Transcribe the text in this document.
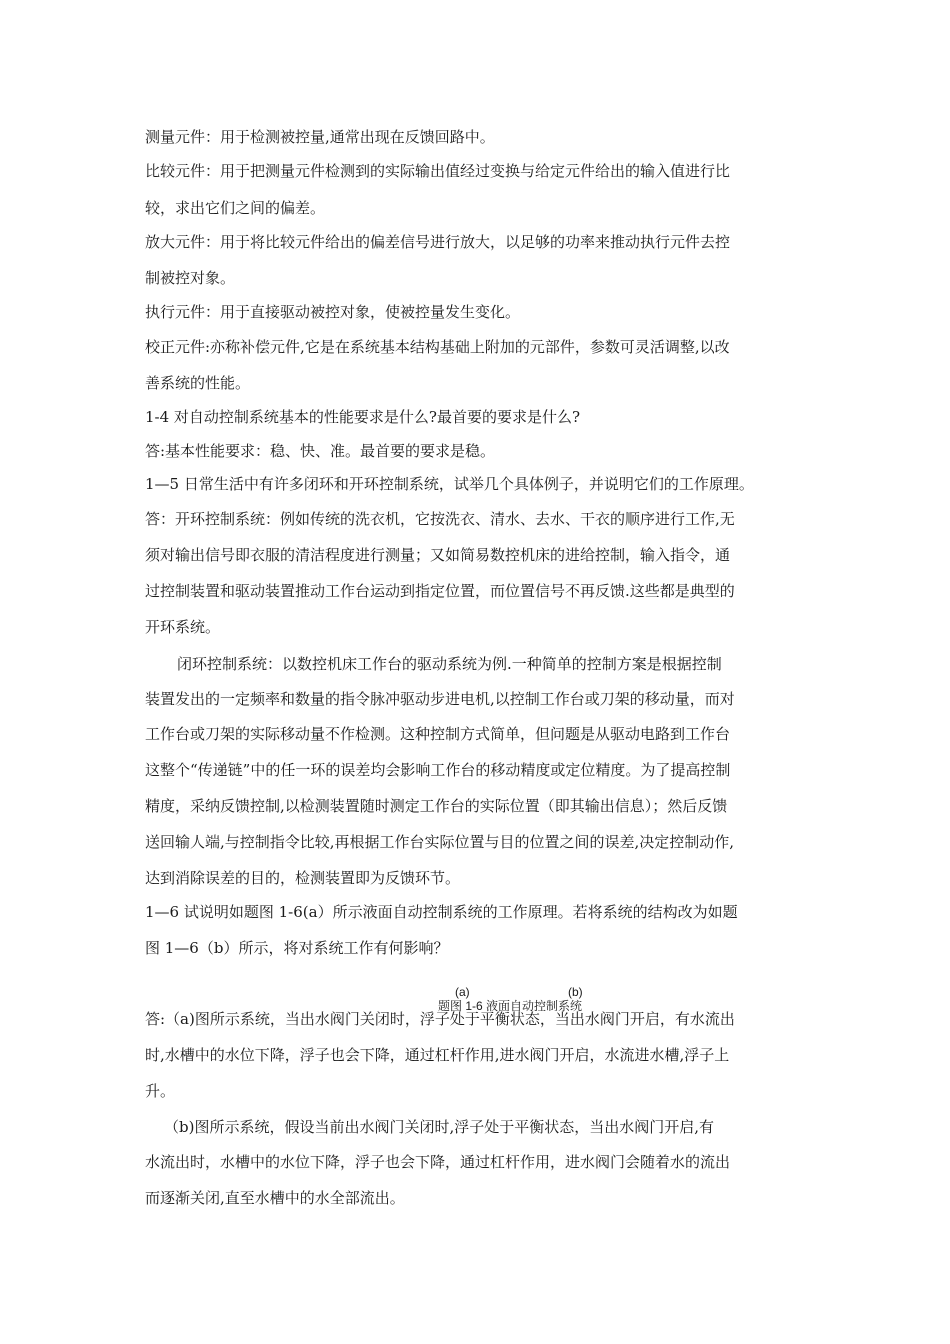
测量元件：用于检测被控量,通常出现在反馈回路中。
比较元件：用于把测量元件检测到的实际输出值经过变换与给定元件给出的输入值进行比
较，求出它们之间的偏差。
放大元件：用于将比较元件给出的偏差信号进行放大，以足够的功率来推动执行元件去控
制被控对象。
执行元件：用于直接驱动被控对象，使被控量发生变化。
校正元件:亦称补偿元件,它是在系统基本结构基础上附加的元部件，参数可灵活调整,以改
善系统的性能。
1-4 对自动控制系统基本的性能要求是什么?最首要的要求是什么?
答:基本性能要求：稳、快、准。最首要的要求是稳。
1—5 日常生活中有许多闭环和开环控制系统，试举几个具体例子，并说明它们的工作原理。
答：开环控制系统：例如传统的洗衣机，它按洗衣、清水、去水、干衣的顺序进行工作,无
须对输出信号即衣服的清洁程度进行测量；又如简易数控机床的进给控制，输入指令，通
过控制装置和驱动装置推动工作台运动到指定位置，而位置信号不再反馈.这些都是典型的
开环系统。
闭环控制系统：以数控机床工作台的驱动系统为例.一种简单的控制方案是根据控制
装置发出的一定频率和数量的指令脉冲驱动步进电机,以控制工作台或刀架的移动量，而对
工作台或刀架的实际移动量不作检测。这种控制方式简单，但问题是从驱动电路到工作台
这整个“传递链”中的任一环的误差均会影响工作台的移动精度或定位精度。为了提高控制
精度，采纳反馈控制,以检测装置随时测定工作台的实际位置（即其输出信息）；然后反馈
送回输人端,与控制指令比较,再根据工作台实际位置与目的位置之间的误差,决定控制动作,
达到消除误差的目的，检测装置即为反馈环节。
1—6 试说明如题图 1-6(a）所示液面自动控制系统的工作原理。若将系统的结构改为如题
图 1—6（b）所示，将对系统工作有何影响？
(a)	(b)
题图 1-6 液面自动控制系统
答:（a)图所示系统，当出水阀门关闭时，浮子处于平衡状态，当出水阀门开启，有水流出
时,水槽中的水位下降，浮子也会下降，通过杠杆作用,进水阀门开启，水流进水槽,浮子上
升。
（b)图所示系统，假设当前出水阀门关闭时,浮子处于平衡状态，当出水阀门开启,有
水流出时，水槽中的水位下降，浮子也会下降，通过杠杆作用，进水阀门会随着水的流出
而逐渐关闭,直至水槽中的水全部流出。
